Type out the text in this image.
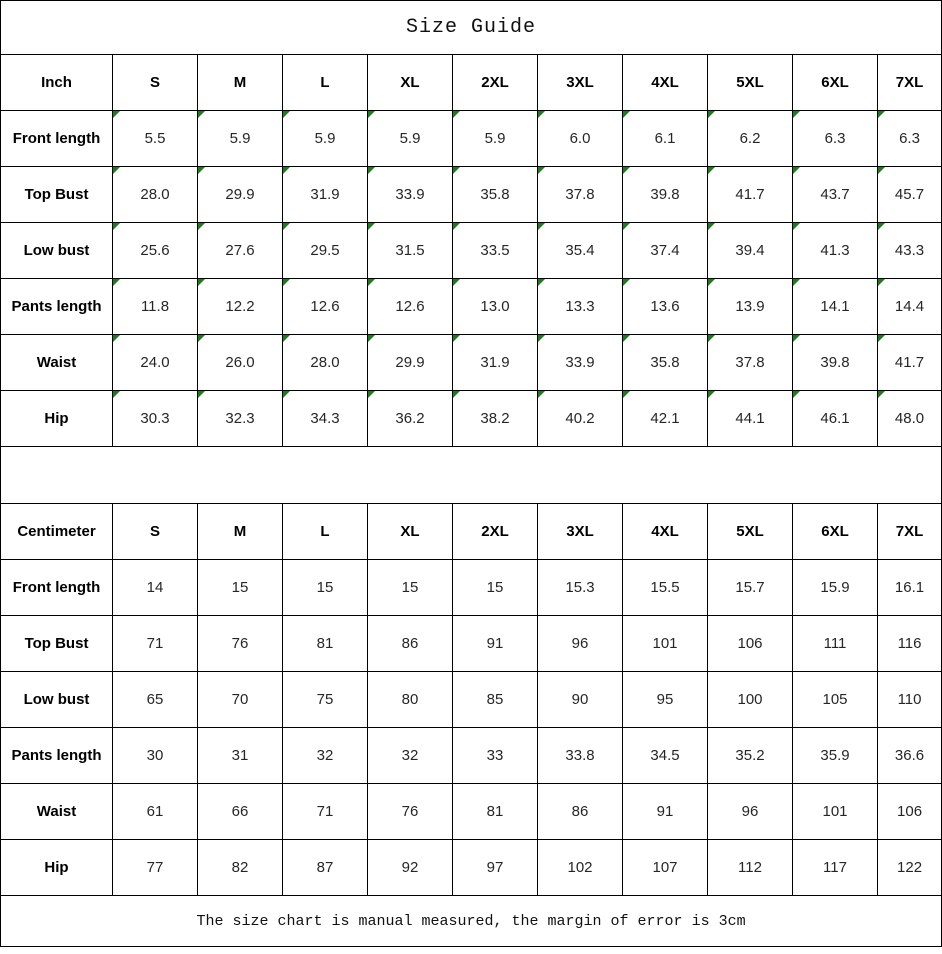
Size Guide										
Inch	S	M	L	XL	2XL	3XL	4XL	5XL	6XL	7XL
Front length	5.5	5.9	5.9	5.9	5.9	6.0	6.1	6.2	6.3	6.3

Top Bust	28.0	29.9	31.9	33.9	35.8	37.8	39.8	41.7	43.7	45.7

Low bust	25.6	27.6	29.5	31.5	33.5	35.4	37.4	39.4	41.3	43.3

Pants length	11.8	12.2	12.6	12.6	13.0	13.3	13.6	13.9	14.1	14.4

Waist	24.0	26.0	28.0	29.9	31.9	33.9	35.8	37.8	39.8	41.7

Hip	30.3	32.3	34.3	36.2	38.2	40.2	42.1	44.1	46.1	48.0

Centimeter	S	M	L	XL	2XL	3XL	4XL	5XL	6XL	7XL
Front length	14	15	15	15	15	15.3	15.5	15.7	15.9	16.1
Top Bust	71	76	81	86	91	96	101	106	111	116
Low bust	65	70	75	80	85	90	95	100	105	110
Pants length	30	31	32	32	33	33.8	34.5	35.2	35.9	36.6
Waist	61	66	71	76	81	86	91	96	101	106
Hip	77	82	87	92	97	102	107	112	117	122
The size chart is manual measured, the margin of error is 3cm										
